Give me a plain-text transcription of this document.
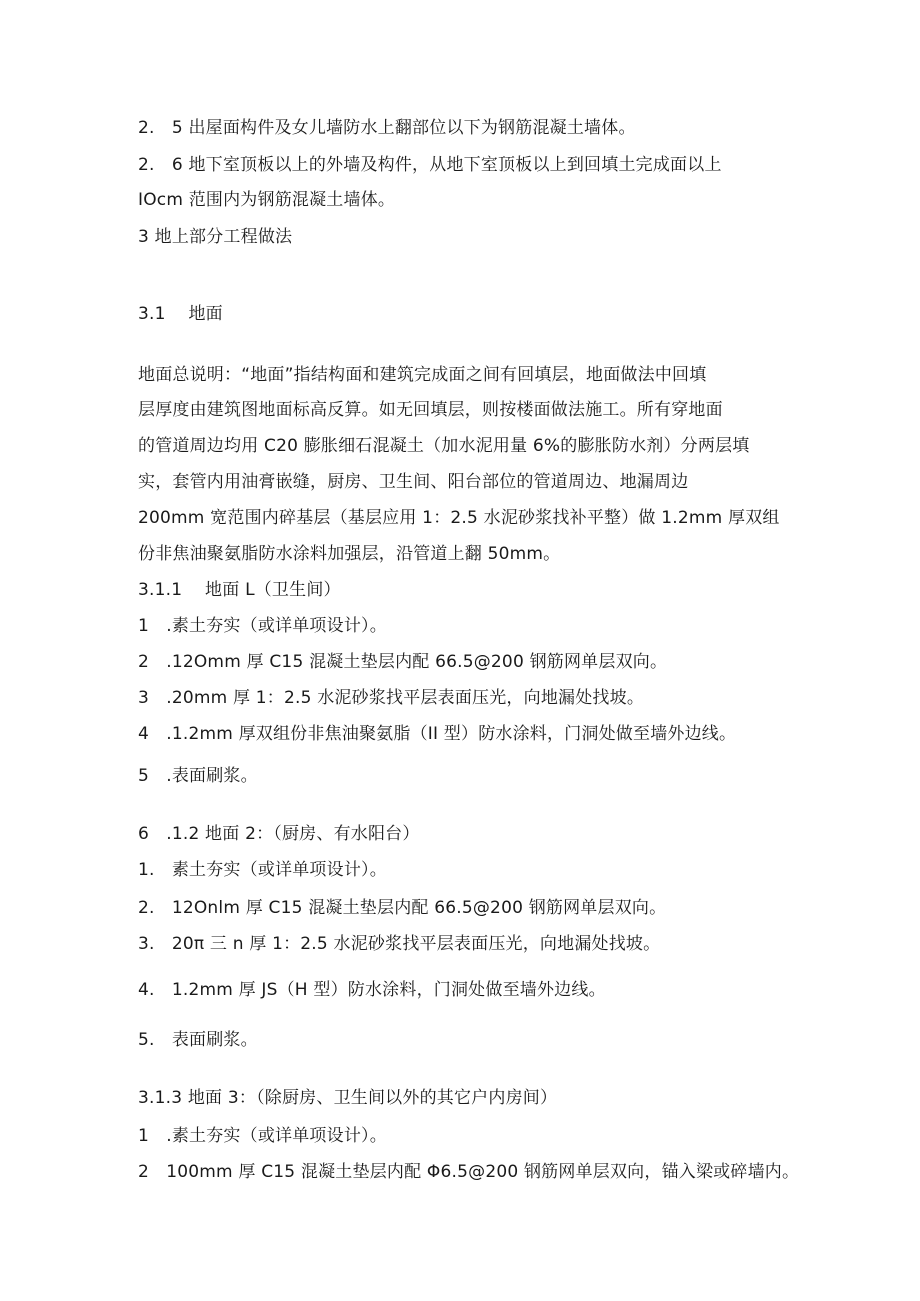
2.　5 出屋面构件及女儿墙防水上翻部位以下为钢筋混凝土墙体。
2.　6 地下室顶板以上的外墙及构件，从地下室顶板以上到回填土完成面以上
IOcm 范围内为钢筋混凝土墙体。
3 地上部分工程做法
3.1　 地面
地面总说明：“地面”指结构面和建筑完成面之间有回填层，地面做法中回填
层厚度由建筑图地面标高反算。如无回填层，则按楼面做法施工。所有穿地面
的管道周边均用 C20 膨胀细石混凝土（加水泥用量 6%的膨胀防水剂）分两层填
实，套管内用油膏嵌缝，厨房、卫生间、阳台部位的管道周边、地漏周边
200mm 宽范围内碎基层（基层应用 1：2.5 水泥砂浆找补平整）做 1.2mm 厚双组
份非焦油聚氨脂防水涂料加强层，沿管道上翻 50mm。
3.1.1　 地面 L（卫生间）
1　.素土夯实（或详单项设计）。
2　.12Omm 厚 C15 混凝土垫层内配 66.5@200 钢筋网单层双向。
3　.20mm 厚 1：2.5 水泥砂浆找平层表面压光，向地漏处找坡。
4　.1.2mm 厚双组份非焦油聚氨脂（II 型）防水涂料，门洞处做至墙外边线。
5　.表面刷浆。
6　.1.2 地面 2：（厨房、有水阳台）
1.　素土夯实（或详单项设计）。
2.　12Onlm 厚 C15 混凝土垫层内配 66.5@200 钢筋网单层双向。
3.　20π 三 n 厚 1：2.5 水泥砂浆找平层表面压光，向地漏处找坡。
4.　1.2mm 厚 JS（H 型）防水涂料，门洞处做至墙外边线。
5.　表面刷浆。
3.1.3 地面 3：（除厨房、卫生间以外的其它户内房间）
1　.素土夯实（或详单项设计）。
2　100mm 厚 C15 混凝土垫层内配 Φ6.5@200 钢筋网单层双向，锚入梁或碎墙内。
